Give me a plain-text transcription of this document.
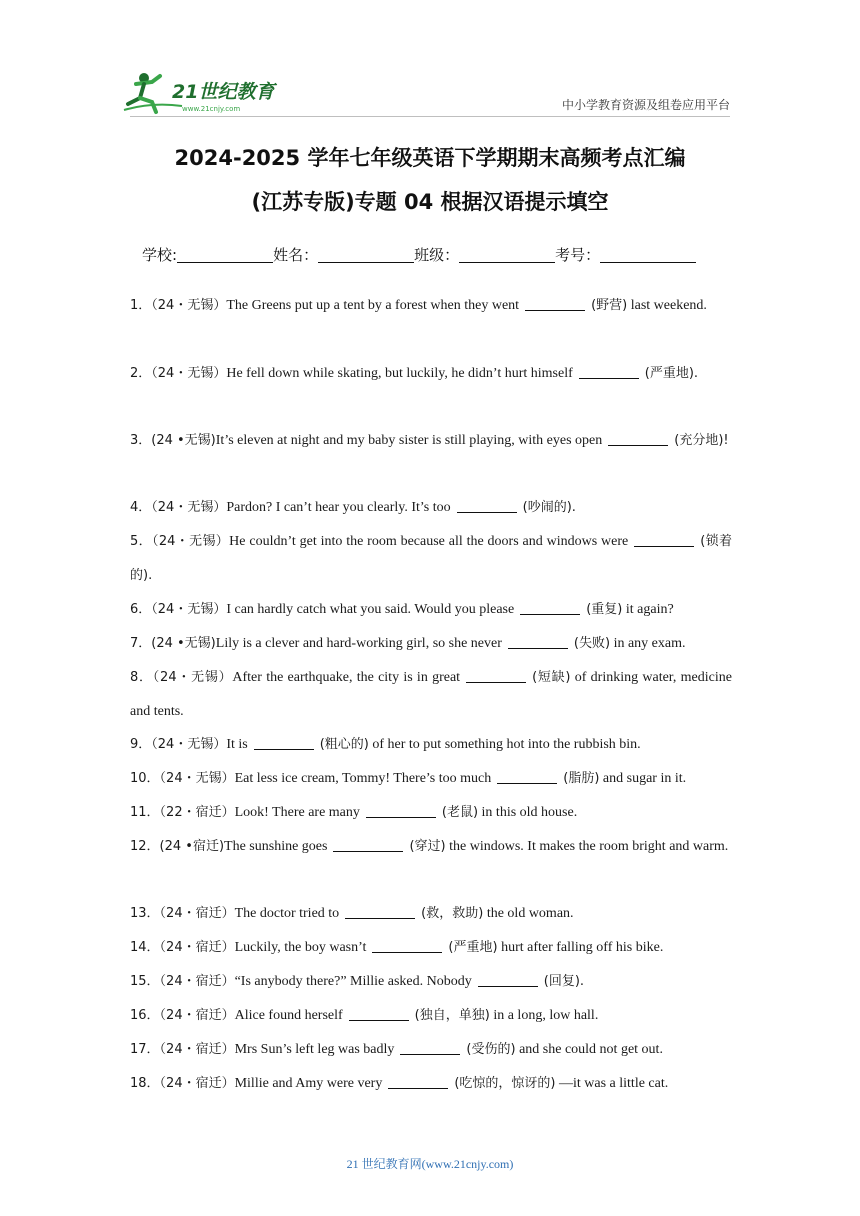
21世纪教育
www.21cnjy.com	中小学教育资源及组卷应用平台
2024-2025 学年七年级英语下学期期末高频考点汇编
(江苏专版)专题 04 根据汉语提示填空
学校:	姓名：	班级：	考号：
1．（24・无锡）The Greens put up a tent by a forest when they went	(野营) last weekend.
2．（24・无锡）He fell down while skating, but luckily, he didn’t hurt himself	(严重地).
3．(24 •无锡)It’s eleven at night and my baby sister is still playing, with eyes open	(充分地)!
4．（24・无锡）Pardon? I can’t hear you clearly. It’s too	(吵闹的).
5．（24・无锡）He couldn’t get into the room because all the doors and windows were	(锁着的).
6．（24・无锡）I can hardly catch what you said. Would you please	(重复) it again?
7．(24 •无锡)Lily is a clever and hard-working girl, so she never	(失败) in any exam.
8．（24・无锡）After the earthquake, the city is in great	(短缺) of drinking water, medicine and tents.
9．（24・无锡）It is	(粗心的) of her to put something hot into the rubbish bin.
10．（24・无锡）Eat less ice cream, Tommy! There’s too much	(脂肪) and sugar in it.
11．（22・宿迁）Look! There are many	(老鼠) in this old house.
12．(24 •宿迁)The sunshine goes	(穿过) the windows. It makes the room bright and warm.
13．（24・宿迁）The doctor tried to	(救，救助) the old woman.
14．（24・宿迁）Luckily, the boy wasn’t	(严重地) hurt after falling off his bike.
15．（24・宿迁）“Is anybody there?” Millie asked. Nobody	(回复).
16．（24・宿迁）Alice found herself	(独自，单独) in a long, low hall.
17．（24・宿迁）Mrs Sun’s left leg was badly	(受伤的) and she could not get out.
18．（24・宿迁）Millie and Amy were very	(吃惊的，惊讶的) —it was a little cat.
21 世纪教育网(www.21cnjy.com)
